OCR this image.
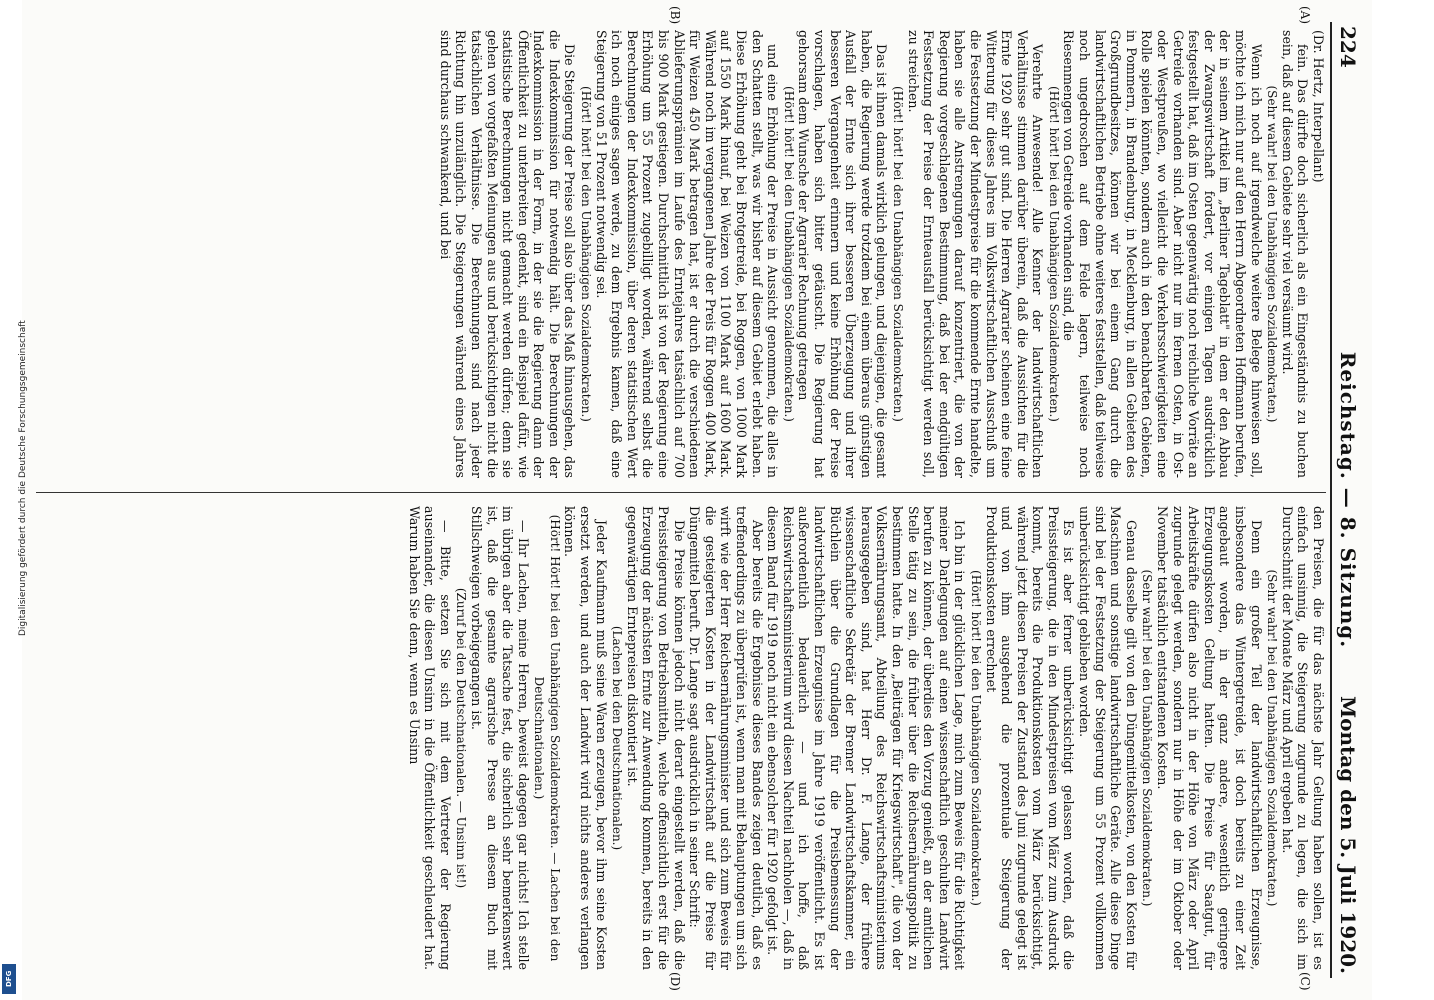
224
Reichstag. — 8. Sitzung.
Montag den 5. Juli 1920.
(A)
(B)
(C)
(D)

(Dr. Hertz, Interpellant)

fein. Das dürfte doch sicherlich als ein Eingeständnis zu buchen sein, daß auf diesem Gebiete sehr viel versäumt wird.

(Sehr wahr! bei den Unabhängigen Sozialdemokraten.)

Wenn ich noch auf irgendwelche weitere Belege hinweisen soll, möchte ich mich nur auf den Herrn Abgeordneten Hoffmann berufen, der in seinem Artikel im „Berliner Tageblatt" in dem er den Abbau der Zwangswirtschaft fordert, vor einigen Tagen ausdrücklich festgestellt hat, daß im Osten gegenwärtig noch reichliche Vorräte an Getreide vorhanden sind. Aber nicht nur im fernen Osten, in Ost- oder Westpreußen, wo vielleicht die Verkehrsschwierigkeiten eine Rolle spielen könnten, sondern auch in den benachbarten Gebieten, in Pommern, in Brandenburg, in Mecklenburg, in allen Gebieten des Großgrundbesitzes, können wir bei einem Gang durch die landwirtschaftlichen Betriebe ohne weiteres feststellen, daß teilweise noch ungedroschen auf dem Felde lagern, teilweise noch Riesenmengen von Getreide vorhanden sind, die

(Hört! hört! bei den Unabhängigen Sozialdemokraten.)

Verehrte Anwesende! Alle Kenner der landwirtschaftlichen Verhältnisse stimmen darüber überein, daß die Aussichten für die Ernte 1920 sehr gut sind. Die Herren Agrarier scheinen eine feine Witterung für dieses Jahres im Volkswirtschaftlichen Ausschuß um die Festsetzung der Mindestpreise für die kommende Ernte handelte, haben sie alle Anstrengungen darauf konzentriert, die von der Regierung vorgeschlagenen Bestimmung, daß bei der endgültigen Festsetzung der Preise der Ernteausfall berücksichtigt werden soll, zu streichen.

(Hört! hört! bei den Unabhängigen Sozialdemokraten.)

Das ist ihnen damals wirklich gelungen, und diejenigen, die gesamt haben, die Regierung werde trotzdem bei einem überaus günstigen Ausfall der Ernte sich ihrer besseren Überzeugung und ihrer besseren Vergangenheit erinnern und keine Erhöhung der Preise vorschlagen, haben sich bitter getäuscht. Die Regierung hat gehorsam dem Wunsche der Agrarier Rechnung getragen

(Hört! hört! bei den Unabhängigen Sozialdemokraten.)

und eine Erhöhung der Preise in Aussicht genommen, die alles in den Schatten stellt, was wir bisher auf diesem Gebiet erlebt haben. Diese Erhöhung geht bei Brotgetreide, bei Roggen, von 1000 Mark auf 1550 Mark hinauf, bei Weizen von 1100 Mark auf 1600 Mark. Während noch im vergangenen Jahre der Preis für Roggen 400 Mark, für Weizen 450 Mark betragen hat, ist er durch die verschiedenen Ablieferungsprämien im Laufe des Erntejahres tatsächlich auf 700 bis 900 Mark gestiegen. Durchschnittlich ist von der Regierung eine Erhöhung um 55 Prozent zugebilligt worden, während selbst die Berechnungen der Indexkommission, über deren statistischen Wert ich noch einiges sagen werde, zu dem Ergebnis kamen, daß eine Steigerung von 51 Prozent notwendig sei.

(Hört! hört! bei den Unabhängigen Sozialdemokraten.)

Die Steigerung der Preise soll also über das Maß hinausgehen, das die Indexkommission für notwendig hält. Die Berechnungen der Indexkommission in der Form, in der sie die Regierung dann der Öffentlichkeit zu unterbreiten gedenkt, sind ein Beispiel dafür, wie statistische Berechnungen nicht gemacht werden dürfen; denn sie gehen von vorgefaßten Meinungen aus und berücksichtigen nicht die tatsächlichen Verhältnisse. Die Berechnungen sind nach jeder Richtung hin unzulänglich. Die Steigerungen während eines Jahres sind durchaus schwankend, und bei

den Preisen, die für das nächste Jahr Geltung haben sollen, ist es einfach unsinnig, die Steigerung zugrunde zu legen, die sich im Durchschnitt der Monate März und April ergeben hat.

(Sehr wahr! bei den Unabhängigen Sozialdemokraten.)

Denn ein großer Teil der landwirtschaftlichen Erzeugnisse, insbesondere das Wintergetreide, ist doch bereits zu einer Zeit angebaut worden, in der ganz andere, wesentlich geringere Erzeugungskosten Geltung hatten. Die Preise für Saatgut, für Arbeitskräfte dürfen also nicht in der Höhe von März oder April zugrunde gelegt werden, sondern nur in Höhe der im Oktober oder November tatsächlich entstandenen Kosten.

(Sehr wahr! bei den Unabhängigen Sozialdemokraten.)

Genau dasselbe gilt von den Düngemittelkosten, von den Kosten für Maschinen und sonstige landwirtschaftliche Geräte. Alle diese Dinge sind bei der Festsetzung der Steigerung um 55 Prozent vollkommen unberücksichtigt geblieben worden.

Es ist aber ferner unberücksichtigt gelassen worden, daß die Preissteigerung, die in den Mindestpreisen vom März zum Ausdruck kommt, bereits die Produktionskosten vom März berücksichtigt, während jetzt diesen Preisen der Zustand des Juni zugrunde gelegt ist und von ihm ausgehend die prozentuale Steigerung der Produktionskosten errechnet

(Hört! hört! bei den Unabhängigen Sozialdemokraten.)

Ich bin in der glücklichen Lage, mich zum Beweis für die Richtigkeit meiner Darlegungen auf einen wissenschaftlich geschulten Landwirt berufen zu können, der überdies den Vorzug genießt, an der amtlichen Stelle tätig zu sein, die früher über die Reichsernährungspolitik zu bestimmen hatte. In den „Beiträgen für Kriegswirtschaft", die von der Volksernährungsamt, Abteilung des Reichswirtschaftsministeriums herausgegeben sind, hat Herr Dr. F. Lange, der frühere wissenschaftliche Sekretär der Bremer Landwirtschaftskammer, ein Büchlein über die Grundlagen für die Preisbemessung der landwirtschaftlichen Erzeugnisse im Jahre 1919 veröffentlicht. Es ist außerordentlich bedauerlich — und ich hoffe, daß Reichswirtschaftsministerium wird diesen Nachteil nachholen —, daß in diesem Band für 1919 noch nicht ein ebensolcher für 1920 gefolgt ist.

Aber bereits die Ergebnisse dieses Bandes zeigen deutlich, daß es treffenderdings zu überprüfen ist, wenn man mit Behauptungen um sich wirft wie der Herr Reichsernährungsminister und sich zum Beweis für die gesteigerten Kosten in der Landwirtschaft auf die Preise für Düngemittel beruft. Dr. Lange sagt ausdrücklich in seiner Schrift:

Die Preise können jedoch nicht derart eingestellt werden, daß die Preissteigerung von Betriebsmitteln, welche offensichtlich erst für die Erzeugung der nächsten Ernte zur Anwendung kommen, bereits in den gegenwärtigen Erntepreisen diskontiert ist.

(Lachen bei den Deutschnationalen.)

Jeder Kaufmann muß seine Waren erzeugen, bevor ihm seine Kosten ersetzt werden, und auch der Landwirt wird nichts anderes verlangen können.

(Hört! Hört! bei den Unabhängigen Sozialdemokraten. — Lachen bei den Deutschnationalen.)

— Ihr Lachen, meine Herren, beweist dagegen gar nichts! Ich stelle im übrigen aber die Tatsache fest, die sicherlich sehr bemerkenswert ist, daß die gesamte agrarische Presse an diesem Buch mit Stillschweigen vorbeigegangen ist.

(Zuruf bei den Deutschnationalen. — Unsinn ist!)

— Bitte, setzen Sie sich mit dem Vertreter der Regierung auseinander, die diesen Unsinn in die Öffentlichkeit geschleudert hat. Warum haben Sie denn, wenn es Unsinn

Digitalisierung gefördert durch die Deutsche Forschungsgemeinschaft
DFG
